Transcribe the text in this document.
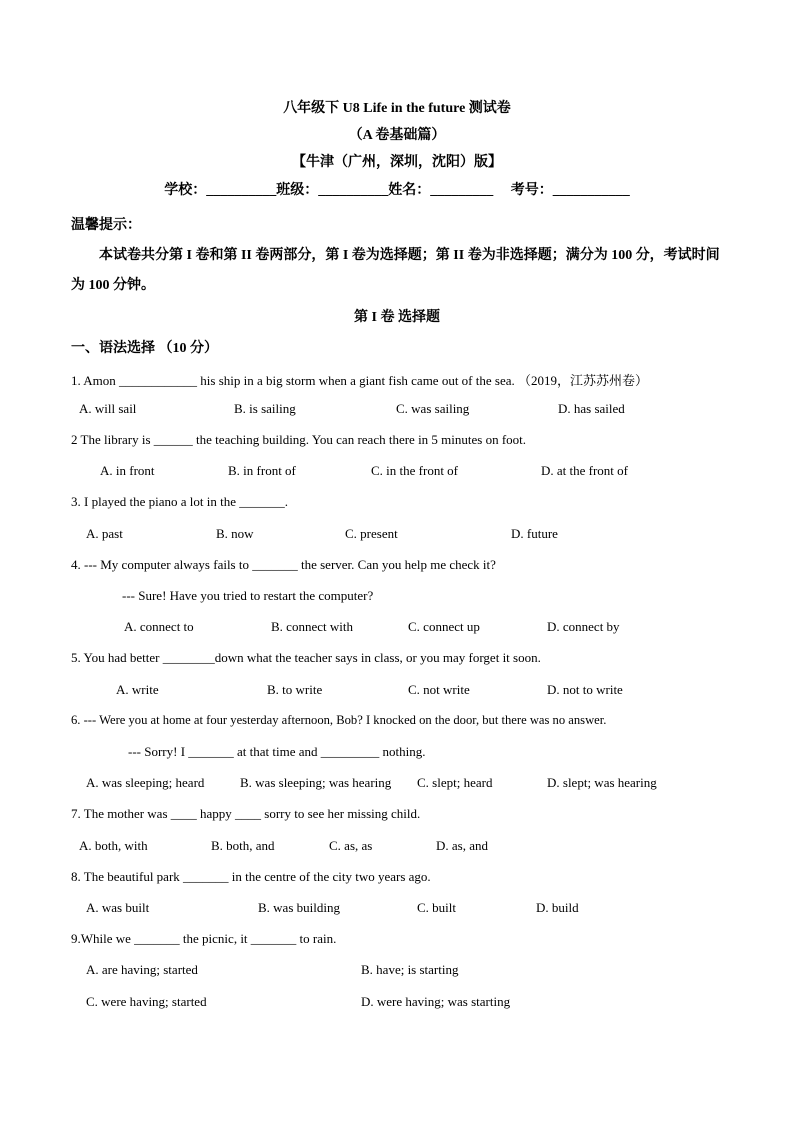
八年级下 U8 Life in the future 测试卷
（A 卷基础篇）
【牛津（广州，深圳，沈阳）版】
学校：__________班级：__________姓名：_________     考号：___________
温馨提示：
本试卷共分第 I 卷和第 II 卷两部分，第 I 卷为选择题；第 II 卷为非选择题；满分为 100 分，考试时间
为 100 分钟。
第 I 卷 选择题
一、语法选择 （10 分）
1. Amon ____________ his ship in a big storm when a giant fish came out of the sea. （2019，江苏苏州卷）
A. will sail	B. is sailing	C. was sailing	D. has sailed
2 The library is ______ the teaching building. You can reach there in 5 minutes on foot.
A. in front	B. in front of	C. in the front of	D. at the front of
3. I played the piano a lot in the _______.
A. past	B. now	C. present	D. future
4. --- My computer always fails to _______ the server. Can you help me check it?
--- Sure! Have you tried to restart the computer?
A. connect to	B. connect with	C. connect up	D. connect by
5. You had better ________down what the teacher says in class, or you may forget it soon.
A. write	B. to write	C. not write	D. not to write
6. --- Were you at home at four yesterday afternoon, Bob? I knocked on the door, but there was no answer.
--- Sorry! I _______ at that time and _________ nothing.
A. was sleeping; heard	B. was sleeping; was hearing C. slept; heard	D. slept; was hearing
7. The mother was ____ happy ____ sorry to see her missing child.
A. both, with	B. both, and	C. as, as	D. as, and
8. The beautiful park _______ in the centre of the city two years ago.
A. was built	B. was building	C. built	D. build
9.While we _______ the picnic, it _______ to rain.
A. are having; started	B. have; is starting
C. were having; started	D. were having; was starting
